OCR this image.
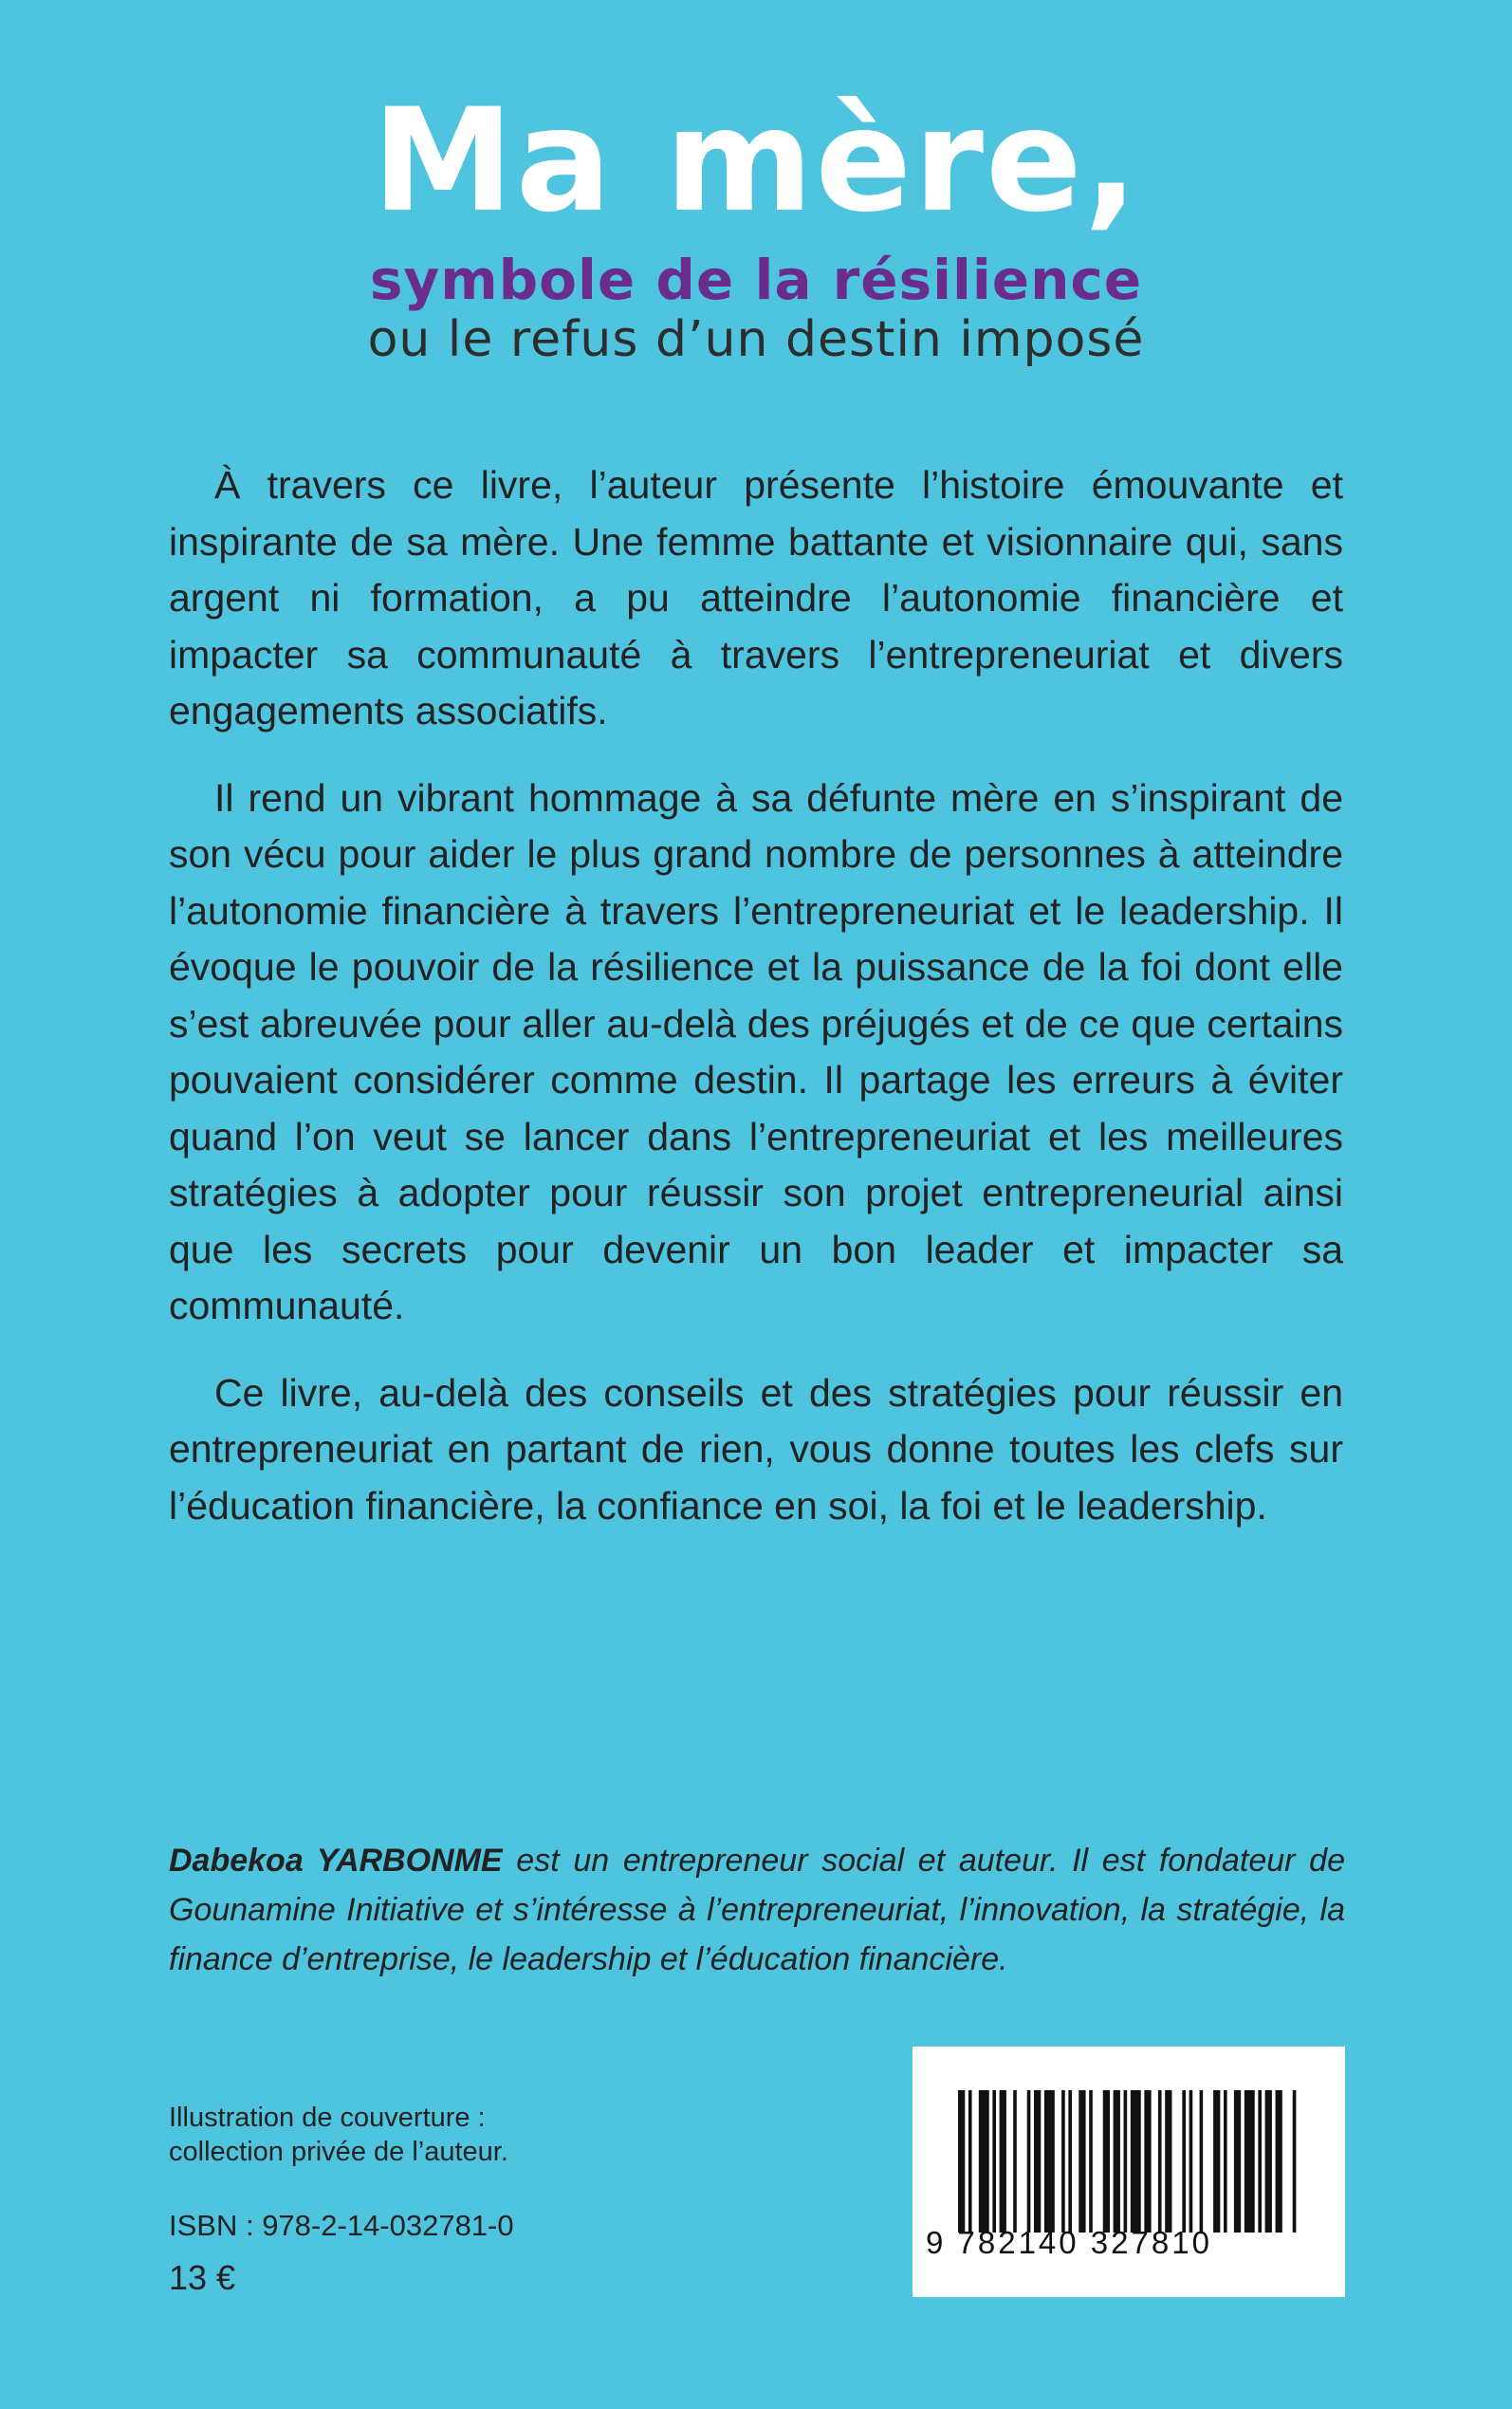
Ma mère,
symbole de la résilience
ou le refus d’un destin imposé

À travers ce livre, l’auteur présente l’histoire émouvante et inspirante de sa mère. Une femme battante et visionnaire qui, sans argent ni formation, a pu atteindre l’autonomie financière et impacter sa communauté à travers l’entrepreneuriat et divers engagements associatifs.

Il rend un vibrant hommage à sa défunte mère en s’inspirant de son vécu pour aider le plus grand nombre de personnes à atteindre l’autonomie financière à travers l’entrepreneuriat et le leadership. Il évoque le pouvoir de la résilience et la puissance de la foi dont elle s’est abreuvée pour aller au-delà des préjugés et de ce que certains pouvaient considérer comme destin. Il partage les erreurs à éviter quand l’on veut se lancer dans l’entrepreneuriat et les meilleures stratégies à adopter pour réussir son projet entrepreneurial ainsi que les secrets pour devenir un bon leader et impacter sa communauté.

Ce livre, au-delà des conseils et des stratégies pour réussir en entrepreneuriat en partant de rien, vous donne toutes les clefs sur l’éducation financière, la confiance en soi, la foi et le leadership.

Dabekoa YARBONME est un entrepreneur social et auteur. Il est fondateur de Gounamine Initiative et s’intéresse à l’entrepreneuriat, l’innovation, la stratégie, la finance d’entreprise, le leadership et l’éducation financière.
Illustration de couverture :
collection privée de l’auteur.
ISBN : 978-2-14-032781-0
13 €
9 782140 327810
